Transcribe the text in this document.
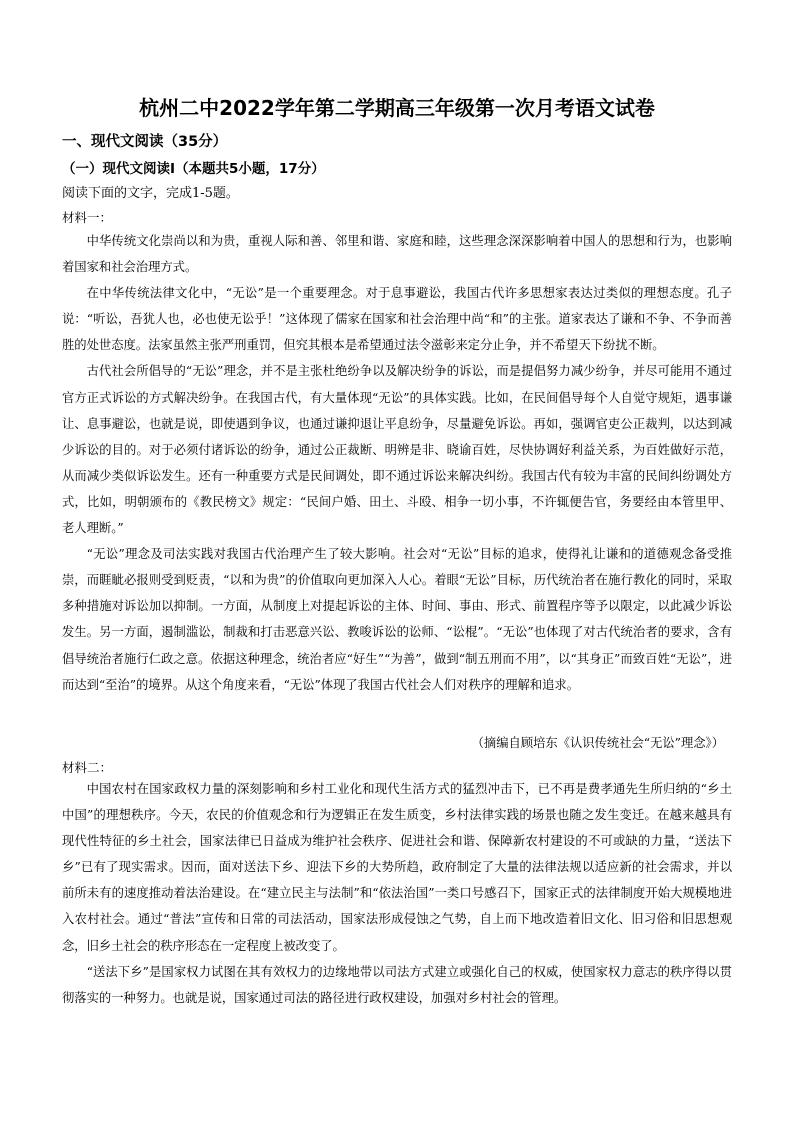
杭州二中2022学年第二学期高三年级第一次月考语文试卷
一、现代文阅读（35分）
（一）现代文阅读I（本题共5小题，17分）
阅读下面的文字，完成1-5题。
材料一：

中华传统文化崇尚以和为贵，重视人际和善、邻里和谐、家庭和睦，这些理念深深影响着中国人的思想和行为，也影响着国家和社会治理方式。

在中华传统法律文化中，“无讼”是一个重要理念。对于息事避讼，我国古代许多思想家表达过类似的理想态度。孔子说：“听讼，吾犹人也，必也使无讼乎！”这体现了儒家在国家和社会治理中尚“和”的主张。道家表达了谦和不争、不争而善胜的处世态度。法家虽然主张严刑重罚，但究其根本是希望通过法令滋彰来定分止争，并不希望天下纷扰不断。

古代社会所倡导的“无讼”理念，并不是主张杜绝纷争以及解决纷争的诉讼，而是提倡努力减少纷争，并尽可能用不通过官方正式诉讼的方式解决纷争。在我国古代，有大量体现“无讼”的具体实践。比如，在民间倡导每个人自觉守规矩，遇事谦让、息事避讼，也就是说，即使遇到争议，也通过谦抑退让平息纷争，尽量避免诉讼。再如，强调官吏公正裁判，以达到减少诉讼的目的。对于必须付诸诉讼的纷争，通过公正裁断、明辨是非、晓谕百姓，尽快协调好利益关系，为百姓做好示范，从而减少类似诉讼发生。还有一种重要方式是民间调处，即不通过诉讼来解决纠纷。我国古代有较为丰富的民间纠纷调处方式，比如，明朝颁布的《教民榜文》规定：“民间户婚、田土、斗殴、相争一切小事，不许辄便告官，务要经由本管里甲、老人理断。”

“无讼”理念及司法实践对我国古代治理产生了较大影响。社会对“无讼”目标的追求，使得礼让谦和的道德观念备受推崇，而睚眦必报则受到贬责，“以和为贵”的价值取向更加深入人心。着眼“无讼”目标，历代统治者在施行教化的同时，采取多种措施对诉讼加以抑制。一方面，从制度上对提起诉讼的主体、时间、事由、形式、前置程序等予以限定，以此减少诉讼发生。另一方面，遏制滥讼，制裁和打击恶意兴讼、教唆诉讼的讼师、“讼棍”。“无讼”也体现了对古代统治者的要求，含有倡导统治者施行仁政之意。依据这种理念，统治者应“好生”“为善”，做到“制五刑而不用”，以“其身正”而致百姓“无讼”，进而达到“至治”的境界。从这个角度来看，“无讼”体现了我国古代社会人们对秩序的理解和追求。

（摘编自顾培东《认识传统社会“无讼”理念》）
材料二：

中国农村在国家政权力量的深刻影响和乡村工业化和现代生活方式的猛烈冲击下，已不再是费孝通先生所归纳的“乡土中国”的理想秩序。今天，农民的价值观念和行为逻辑正在发生质变，乡村法律实践的场景也随之发生变迁。在越来越具有现代性特征的乡土社会，国家法律已日益成为维护社会秩序、促进社会和谐、保障新农村建设的不可或缺的力量，“送法下乡”已有了现实需求。因而，面对送法下乡、迎法下乡的大势所趋，政府制定了大量的法律法规以适应新的社会需求，并以前所未有的速度推动着法治建设。在“建立民主与法制”和“依法治国”一类口号感召下，国家正式的法律制度开始大规模地进入农村社会。通过“普法”宣传和日常的司法活动，国家法形成侵蚀之气势，自上而下地改造着旧文化、旧习俗和旧思想观念，旧乡土社会的秩序形态在一定程度上被改变了。

“送法下乡”是国家权力试图在其有效权力的边缘地带以司法方式建立或强化自己的权威，使国家权力意志的秩序得以贯彻落实的一种努力。也就是说，国家通过司法的路径进行政权建设，加强对乡村社会的管理。
